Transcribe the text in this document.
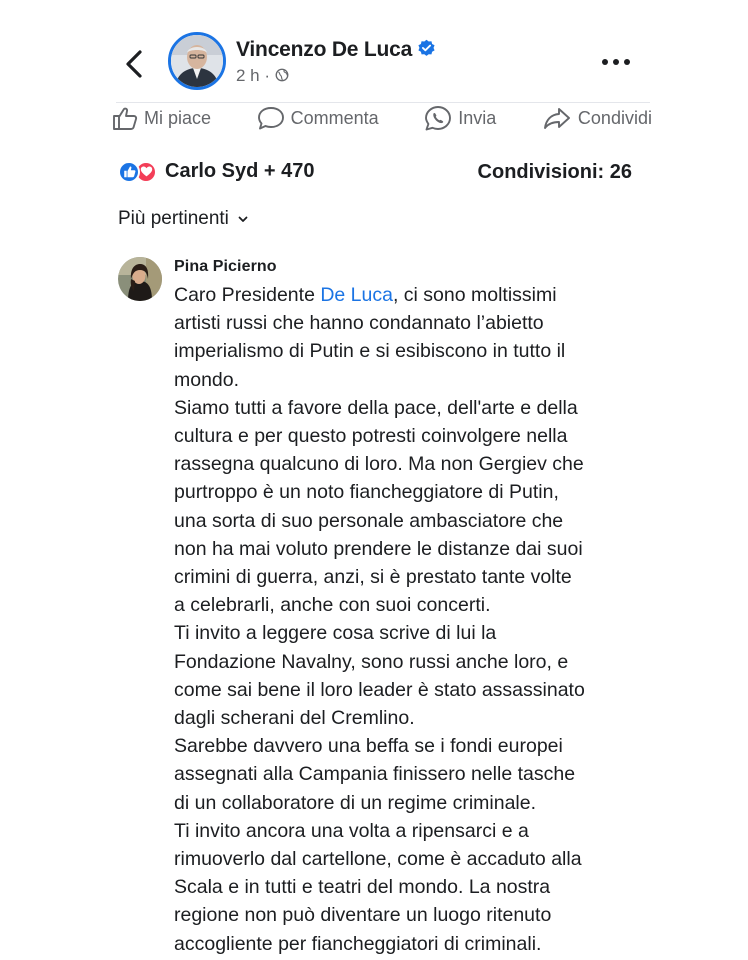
Vincenzo De Luca
2 h ·
Mi piace	Commenta	Invia	Condividi
Carlo Syd + 470	Condivisioni: 26
Più pertinenti
Pina Picierno

Caro Presidente De Luca, ci sono moltissimi
artisti russi che hanno condannato l’abietto
imperialismo di Putin e si esibiscono in tutto il
mondo.

Siamo tutti a favore della pace, dell'arte e della
cultura e per questo potresti coinvolgere nella
rassegna qualcuno di loro. Ma non Gergiev che
purtroppo è un noto fiancheggiatore di Putin,
una sorta di suo personale ambasciatore che
non ha mai voluto prendere le distanze dai suoi
crimini di guerra, anzi, si è prestato tante volte
a celebrarli, anche con suoi concerti.

Ti invito a leggere cosa scrive di lui la
Fondazione Navalny, sono russi anche loro, e
come sai bene il loro leader è stato assassinato
dagli scherani del Cremlino.

Sarebbe davvero una beffa se i fondi europei
assegnati alla Campania finissero nelle tasche
di un collaboratore di un regime criminale.

Ti invito ancora una volta a ripensarci e a
rimuoverlo dal cartellone, come è accaduto alla
Scala e in tutti e teatri del mondo. La nostra
regione non può diventare un luogo ritenuto
accogliente per fiancheggiatori di criminali.
